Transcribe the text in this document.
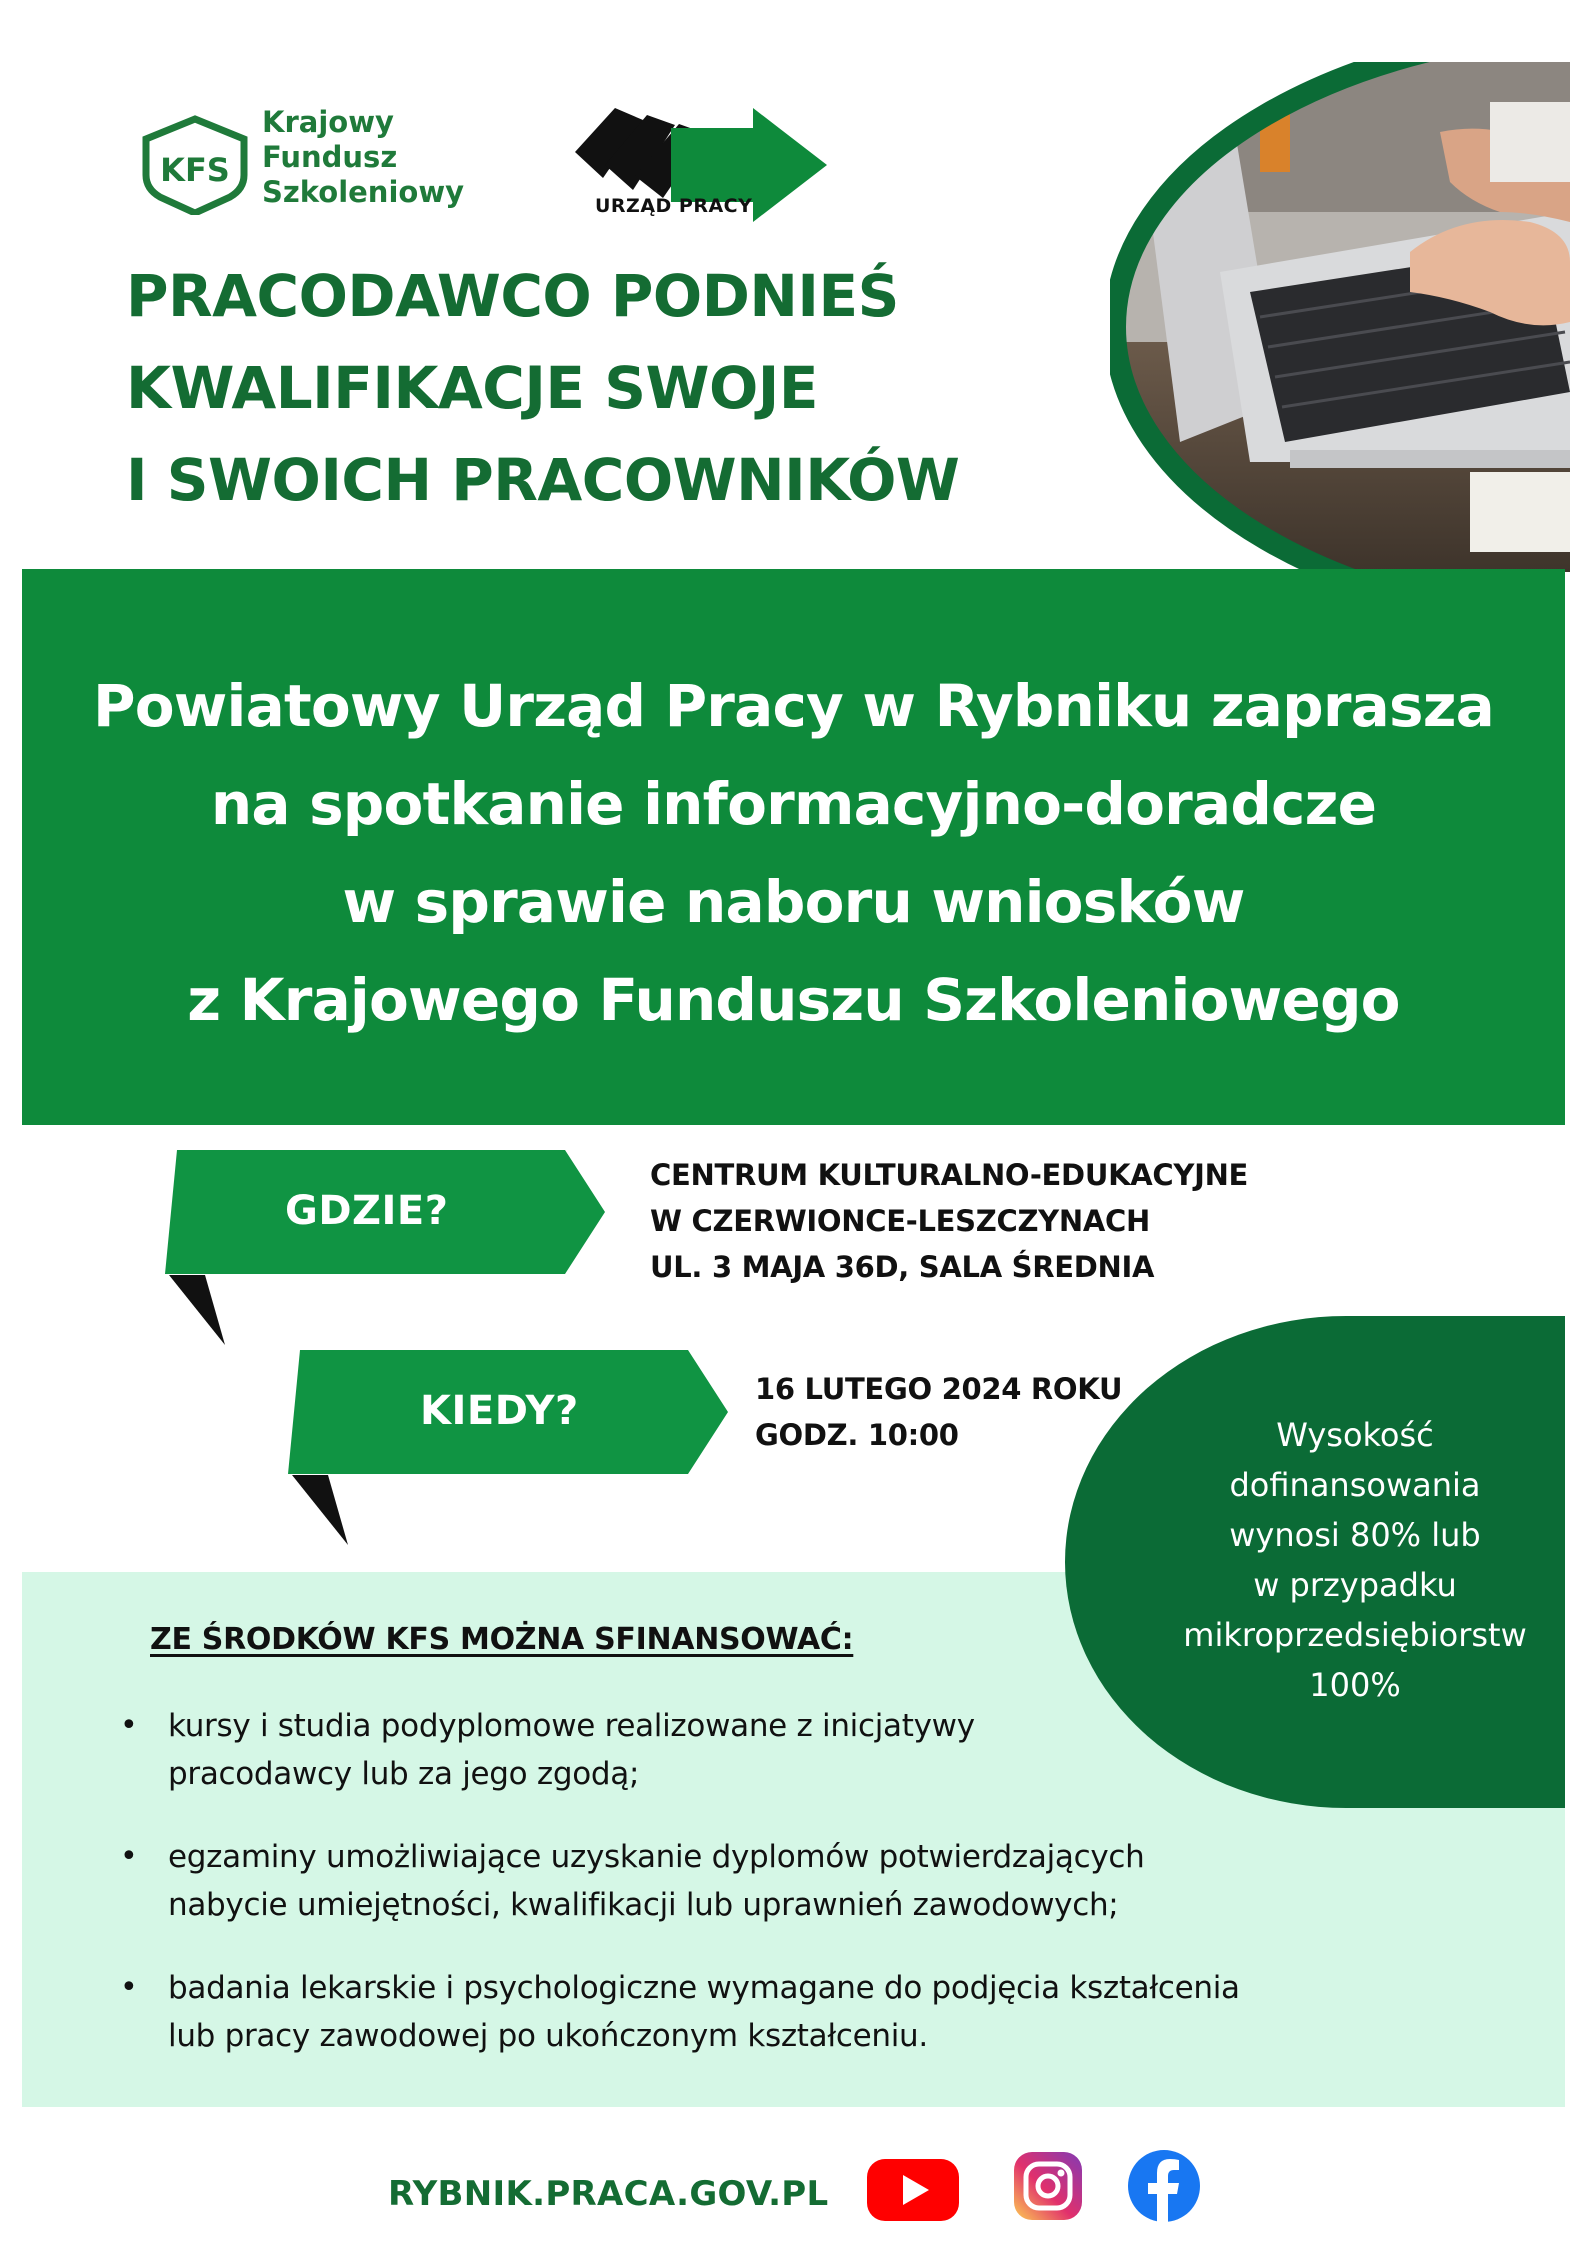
KFS
Krajowy
Fundusz
Szkoleniowy	URZĄD PRACY
PRACODAWCO PODNIEŚ
KWALIFIKACJE SWOJE
I SWOICH PRACOWNIKÓW
Powiatowy Urząd Pracy w Rybniku zaprasza
na spotkanie informacyjno-doradcze
w sprawie naboru wniosków
z Krajowego Funduszu Szkoleniowego
GDZIE?
CENTRUM KULTURALNO-EDUKACYJNE
W CZERWIONCE-LESZCZYNACH
UL. 3 MAJA 36D, SALA ŚREDNIA
KIEDY?	16 LUTEGO 2024 ROKU
GODZ. 10:00	Wysokość
dofinansowania
wynosi 80% lub
w przypadku
mikroprzedsiębiorstw
100%
ZE ŚRODKÓW KFS MOŻNA SFINANSOWAĆ:
• kursy i studia podyplomowe realizowane z inicjatywy
pracodawcy lub za jego zgodą;
• egzaminy umożliwiające uzyskanie dyplomów potwierdzających
nabycie umiejętności, kwalifikacji lub uprawnień zawodowych;
• badania lekarskie i psychologiczne wymagane do podjęcia kształcenia
lub pracy zawodowej po ukończonym kształceniu.
RYBNIK.PRACA.GOV.PL
